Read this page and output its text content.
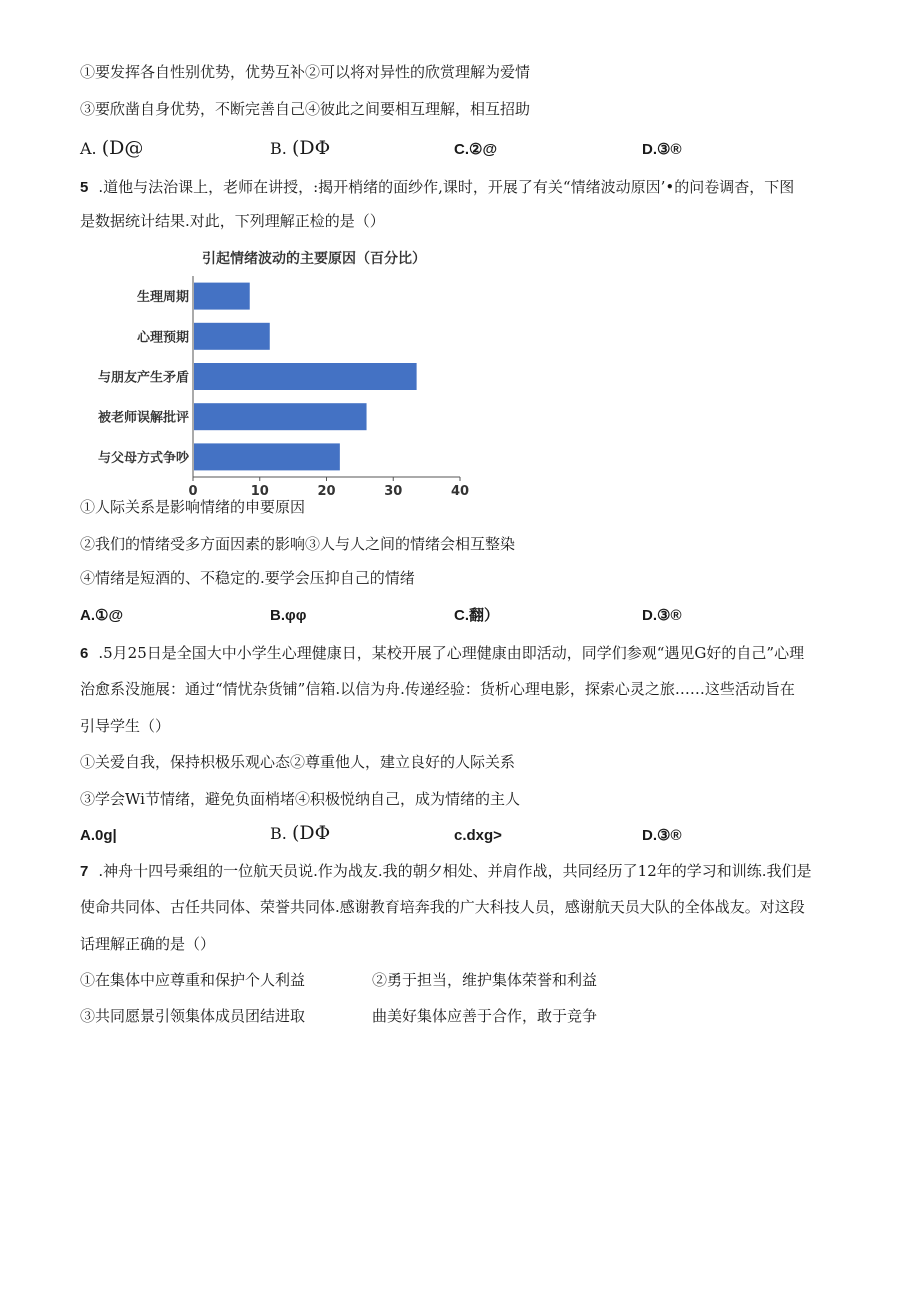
①要发挥各自性别优势，优势互补②可以将对异性的欣赏理解为爱情
③要欣凿自身优势，不断完善自己④彼此之间要相互理解，相互招助
A. (D@	B. (DΦ	C.②@	D.③®
5 .道他与法治课上，老师在讲授，:揭开梢绪的面纱作,课时，开展了有关“情绪波动原因’•的问卷调杳，下图
是数据统计结果.对此，下列理解正检的是（）
引起情绪波动的主要原因（百分比）
生理周期
心理预期
与朋友产生矛盾
被老师误解批评
与父母方式争吵
0	10	20	30	40
①人际关系是影响情绪的申要原因
②我们的情绪受多方面因素的影响③人与人之间的情绪会相互整染
④情绪是短酒的、不稳定的.要学会压抑自己的情绪
A.①@	B.φφ	C.翻）	D.③®
6 .5月25日是全国大中小学生心理健康日，某校开展了心理健康由即活动，同学们参观“遇见G好的自己”心理
治愈系没施展：通过“情忧杂货铺”信箱.以信为舟.传递经验：货析心理电影，探索心灵之旅……这些活动旨在
引导学生（）
①关爱自我，保持枳极乐观心态②尊重他人，建立良好的人际关系
③学会Wi节情绪，避免负面梢堵④积极悦纳自己，成为情绪的主人
A.0g|	B. (DΦ	c.dxg>	D.③®
7 .神舟十四号乘组的一位航天员说.作为战友.我的朝夕相处、并肩作战，共同经历了12年的学习和训练.我们是
使命共同体、古任共同体、荣誉共同体.感谢教育培奔我的广大科技人员，感谢航天员大队的全体战友。对这段
话理解正确的是（）
①在集体中应尊重和保护个人利益	②勇于担当，维护集体荣誉和利益
③共同愿景引领集体成员团结进取	曲美好集体应善于合作，敢于竞争
